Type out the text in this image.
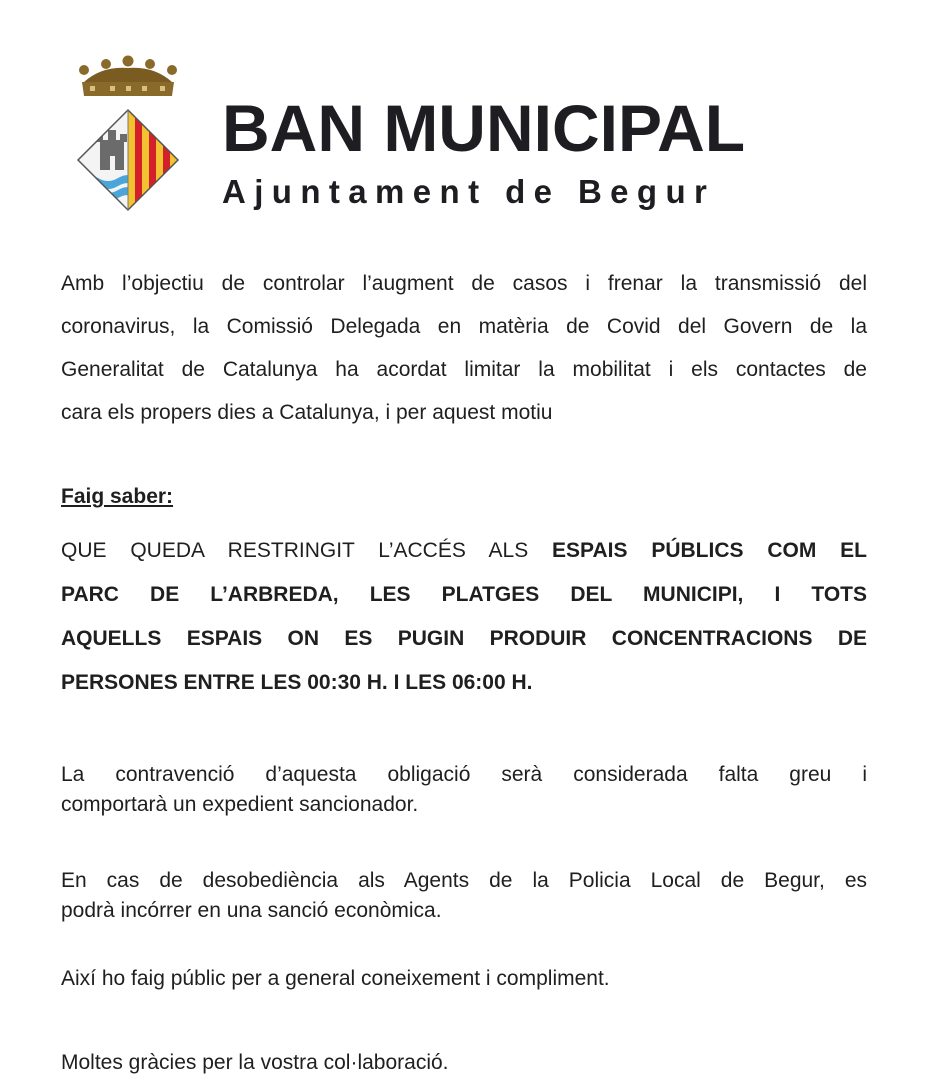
BAN MUNICIPAL
Ajuntament de Begur

Amb l’objectiu de controlar l’augment de casos i frenar la transmissió del
coronavirus, la Comissió Delegada en matèria de Covid del Govern de la
Generalitat de Catalunya ha acordat limitar la mobilitat i els contactes de
cara els propers dies a Catalunya, i per aquest motiu

Faig saber:

QUE QUEDA RESTRINGIT L’ACCÉS ALS ESPAIS PÚBLICS COM EL
PARC DE L’ARBREDA, LES PLATGES DEL MUNICIPI, I TOTS
AQUELLS ESPAIS ON ES PUGIN PRODUIR CONCENTRACIONS DE
PERSONES ENTRE LES 00:30 H. I LES 06:00 H.

La contravenció d’aquesta obligació serà considerada falta greu i
comportarà un expedient sancionador.

En cas de desobediència als Agents de la Policia Local de Begur, es
podrà incórrer en una sanció econòmica.

Així ho faig públic per a general coneixement i compliment.

Moltes gràcies per la vostra col·laboració.
